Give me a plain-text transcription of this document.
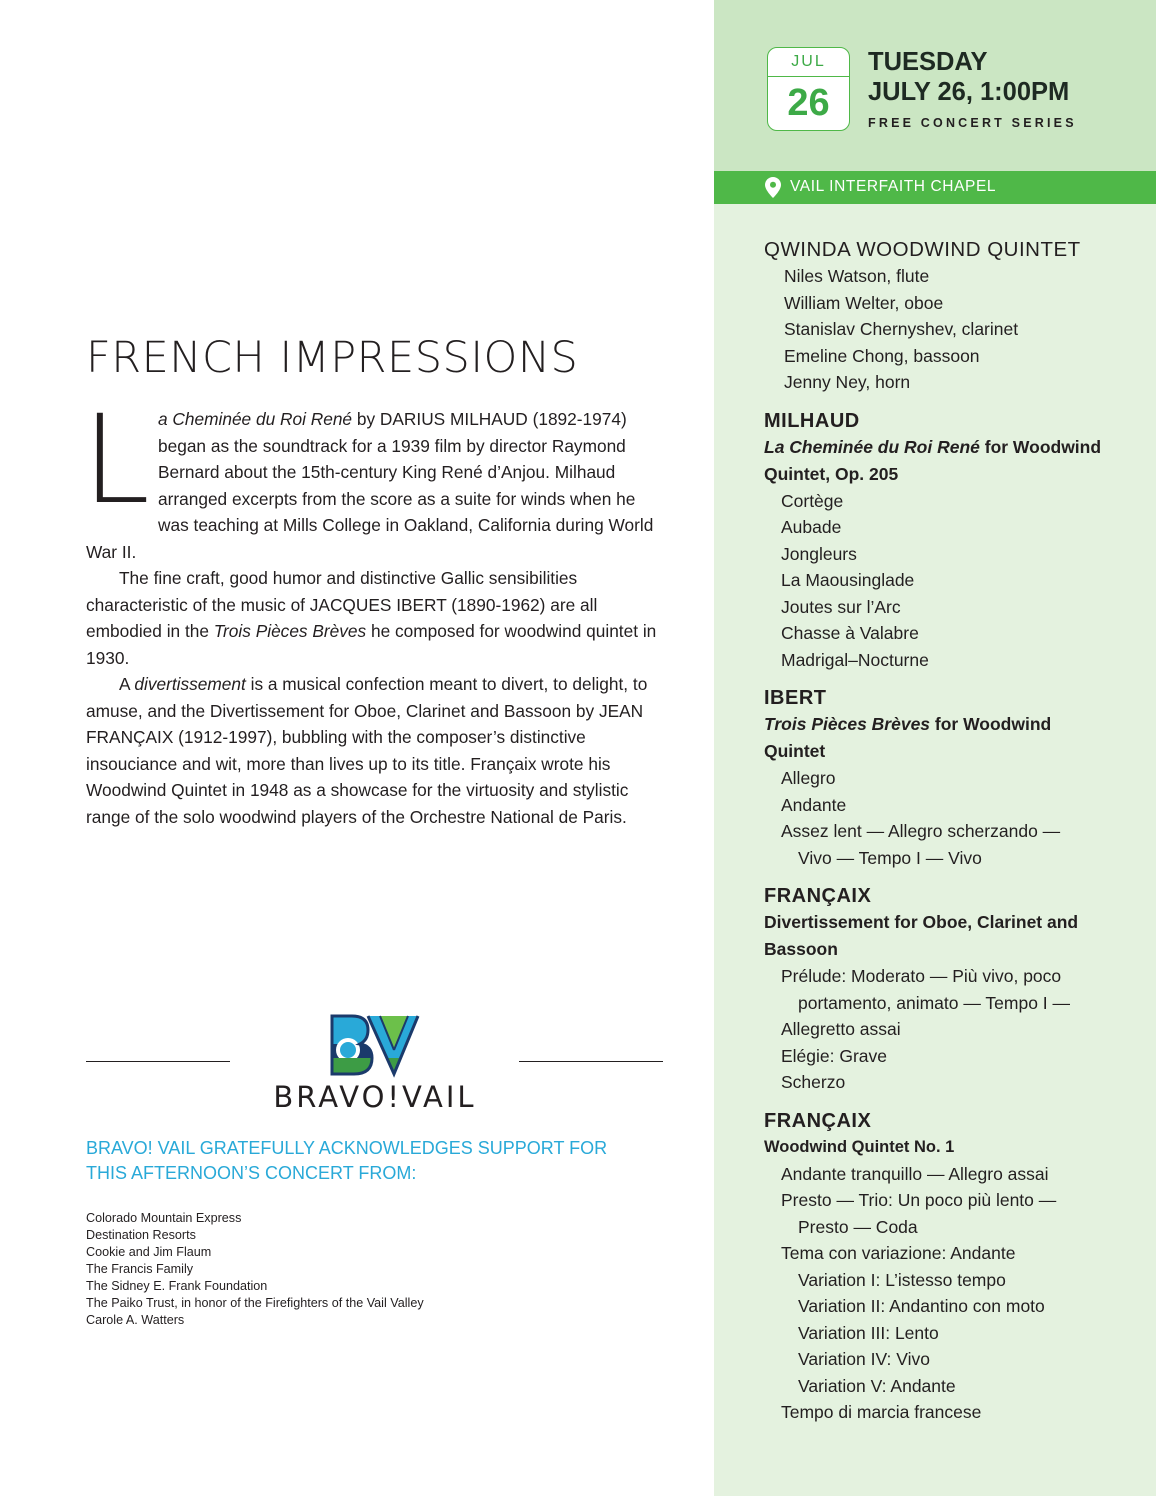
FRENCH IMPRESSIONS

La Cheminée du Roi René by DARIUS MILHAUD (1892-1974) began as the soundtrack for a 1939 film by director Raymond Bernard about the 15th-century King René d’Anjou. Milhaud arranged excerpts from the score as a suite for winds when he was teaching at Mills College in Oakland, California during World War II.

The fine craft, good humor and distinctive Gallic sensibilities characteristic of the music of JACQUES IBERT (1890-1962) are all embodied in the Trois Pièces Brèves he composed for woodwind quintet in 1930.

A divertissement is a musical confection meant to divert, to delight, to amuse, and the Divertissement for Oboe, Clarinet and Bassoon by JEAN FRANÇAIX (1912-1997), bubbling with the composer’s distinctive insouciance and wit, more than lives up to its title. Françaix wrote his Woodwind Quintet in 1948 as a showcase for the virtuosity and stylistic range of the solo woodwind players of the Orchestre National de Paris.

BRAVO!VAIL
BRAVO! VAIL GRATEFULLY ACKNOWLEDGES SUPPORT FOR THIS AFTERNOON’S CONCERT FROM:
Colorado Mountain Express
Destination Resorts
Cookie and Jim Flaum
The Francis Family
The Sidney E. Frank Foundation
The Paiko Trust, in honor of the Firefighters of the Vail Valley
Carole A. Watters
JUL
26

TUESDAY

JULY 26, 1:00PM

FREE CONCERT SERIES

VAIL INTERFAITH CHAPEL
QWINDA WOODWIND QUINTET
Niles Watson, flute
William Welter, oboe
Stanislav Chernyshev, clarinet
Emeline Chong, bassoon
Jenny Ney, horn
MILHAUD
La Cheminée du Roi René for Woodwind Quintet, Op. 205
Cortège
Aubade
Jongleurs
La Maousinglade
Joutes sur l’Arc
Chasse à Valabre
Madrigal–Nocturne
IBERT
Trois Pièces Brèves for Woodwind Quintet
Allegro
Andante
Assez lent — Allegro scherzando —
Vivo — Tempo I — Vivo
FRANÇAIX
Divertissement for Oboe, Clarinet and Bassoon
Prélude: Moderato — Più vivo, poco
portamento, animato — Tempo I —
Allegretto assai
Elégie: Grave
Scherzo
FRANÇAIX
Woodwind Quintet No. 1
Andante tranquillo — Allegro assai
Presto — Trio: Un poco più lento —
Presto — Coda
Tema con variazione: Andante
Variation I: L’istesso tempo
Variation II: Andantino con moto
Variation III: Lento
Variation IV: Vivo
Variation V: Andante
Tempo di marcia francese
